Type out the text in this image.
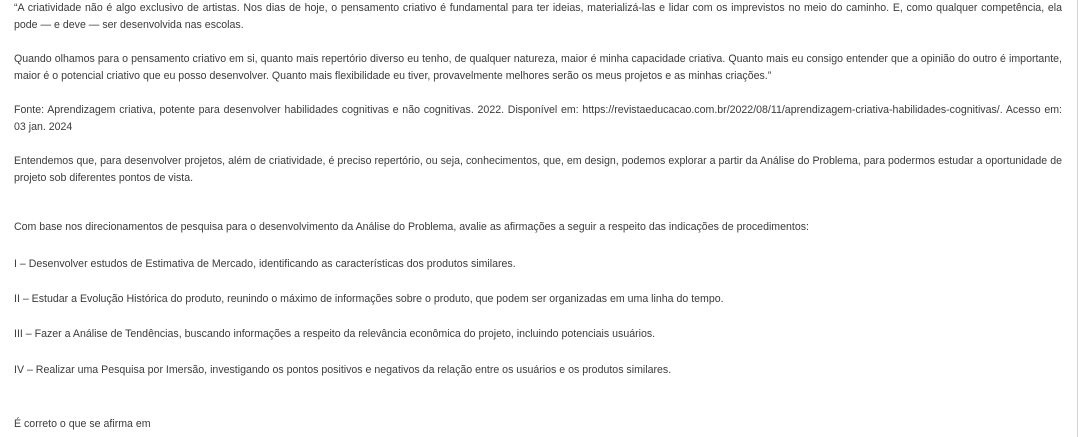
“A criatividade não é algo exclusivo de artistas. Nos dias de hoje, o pensamento criativo é fundamental para ter ideias, materializá-las e lidar com os imprevistos no meio do caminho. E, como qualquer competência, ela pode — e deve — ser desenvolvida nas escolas.

Quando olhamos para o pensamento criativo em si, quanto mais repertório diverso eu tenho, de qualquer natureza, maior é minha capacidade criativa. Quanto mais eu consigo entender que a opinião do outro é importante, maior é o potencial criativo que eu posso desenvolver. Quanto mais flexibilidade eu tiver, provavelmente melhores serão os meus projetos e as minhas criações.”

Fonte: Aprendizagem criativa, potente para desenvolver habilidades cognitivas e não cognitivas. 2022. Disponível em: https://revistaeducacao.com.br/2022/08/11/aprendizagem-criativa-habilidades-cognitivas/. Acesso em: 03 jan. 2024

Entendemos que, para desenvolver projetos, além de criatividade, é preciso repertório, ou seja, conhecimentos, que, em design, podemos explorar a partir da Análise do Problema, para podermos estudar a oportunidade de projeto sob diferentes pontos de vista.

Com base nos direcionamentos de pesquisa para o desenvolvimento da Análise do Problema, avalie as afirmações a seguir a respeito das indicações de procedimentos:

I – Desenvolver estudos de Estimativa de Mercado, identificando as características dos produtos similares.

II – Estudar a Evolução Histórica do produto, reunindo o máximo de informações sobre o produto, que podem ser organizadas em uma linha do tempo.

III – Fazer a Análise de Tendências, buscando informações a respeito da relevância econômica do projeto, incluindo potenciais usuários.

IV – Realizar uma Pesquisa por Imersão, investigando os pontos positivos e negativos da relação entre os usuários e os produtos similares.

É correto o que se afirma em
